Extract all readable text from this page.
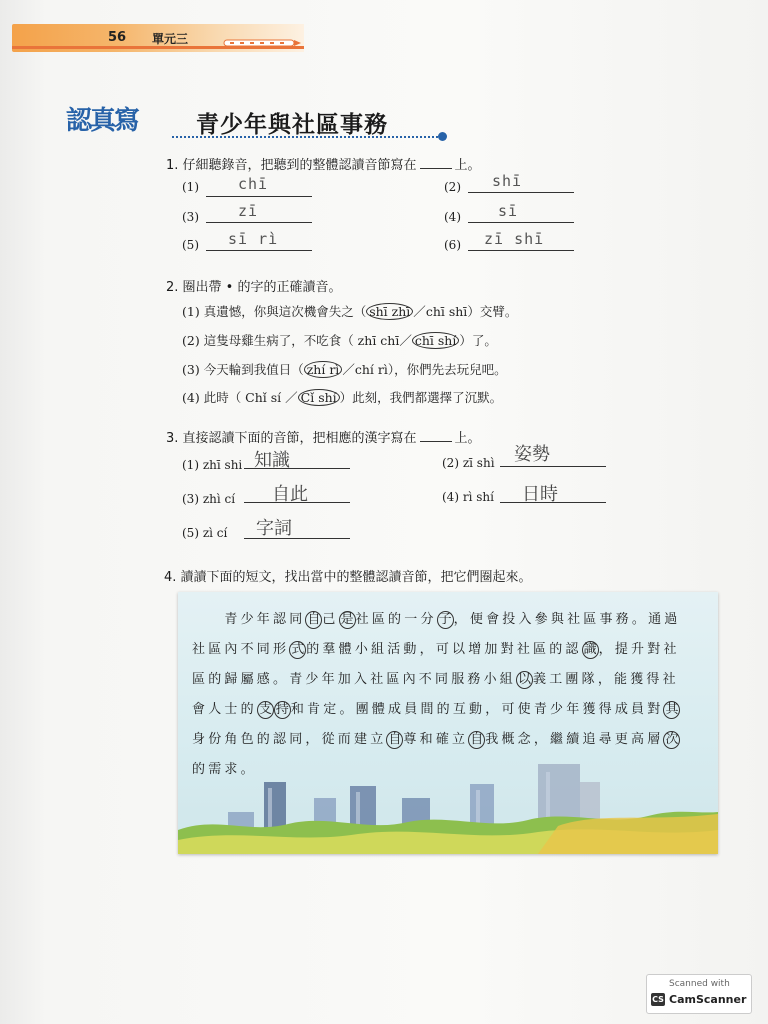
56 單元三
認真寫	青少年與社區事務
1. 仔細聽錄音，把聽到的整體認讀音節寫在	上。
(1)	chī	(2) shī
(3)	zī	(4) sī
(5) sī rì	(6) zī shī
2. 圈出帶 • 的字的正確讀音。
(1) 真遺憾，你與這次機會失之（ shī zhī ／chī shī）交臂。
(2) 這隻母雞生病了，不吃食（ zhī chī／ chī shí ）了。
(3) 今天輪到我值日（ zhí rì ／chí rì），你們先去玩兒吧。
(4) 此時（ Chǐ sí ／ Cǐ shí ）此刻，我們都選擇了沉默。
3. 直接認讀下面的音節，把相應的漢字寫在	上。
(1) zhī shi 知識	(2) zī shì 姿勢
(3) zhì cí 自此	(4) rì shí 日時
(5) zì cí 字詞
4. 讀讀下面的短文，找出當中的整體認讀音節，把它們圈起來。
　　青少年認同 自 己 是 社區的一分 子 ，便會投入參與社區事務。通過
社區內不同形 式 的羣體小組活動，可以增加對社區的認 識 ，提升對社
區的歸屬感。青少年加入社區內不同服務小組 以 義工團隊，能獲得社
會人士的 支 持 和肯定。團體成員間的互動，可使青少年獲得成員對 其
身份角色的認同，從而建立 自 尊和確立 自 我概念，繼續追尋更高層 次
的需求。
Scanned with
CS CamScanner
